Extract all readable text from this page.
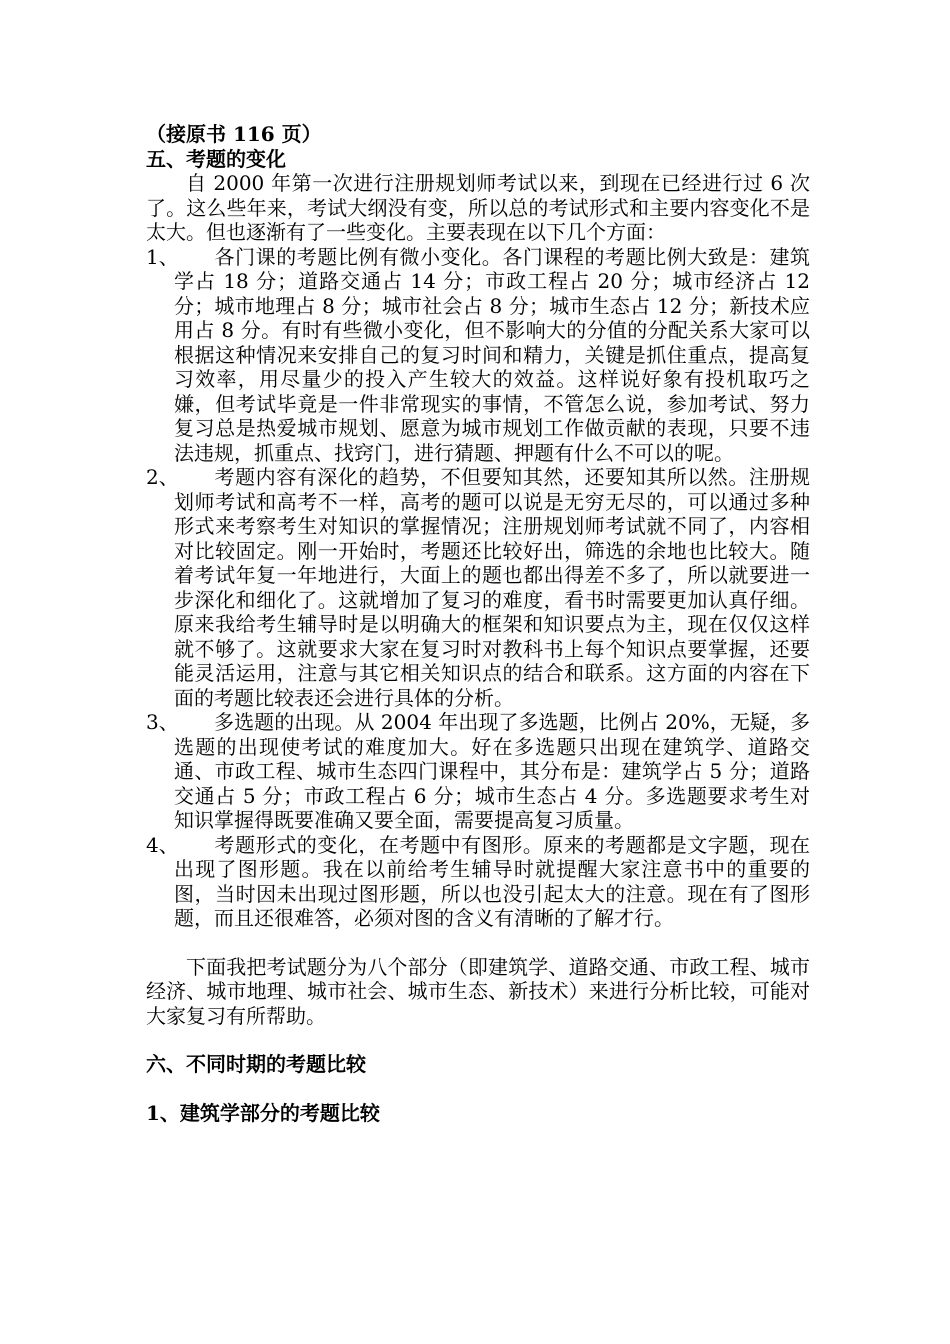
（接原书 116 页）
五、考题的变化
自 2000 年第一次进行注册规划师考试以来，到现在已经进行过 6 次了。这么些年来，考试大纲没有变，所以总的考试形式和主要内容变化不是太大。但也逐渐有了一些变化。主要表现在以下几个方面：
1、	各门课的考题比例有微小变化。各门课程的考题比例大致是：建筑学占 18 分；道路交通占 14 分；市政工程占 20 分；城市经济占 12 分；城市地理占 8 分；城市社会占 8 分；城市生态占 12 分；新技术应用占 8 分。有时有些微小变化，但不影响大的分值的分配关系大家可以根据这种情况来安排自己的复习时间和精力，关键是抓住重点，提高复习效率，用尽量少的投入产生较大的效益。这样说好象有投机取巧之嫌，但考试毕竟是一件非常现实的事情，不管怎么说，参加考试、努力复习总是热爱城市规划、愿意为城市规划工作做贡献的表现，只要不违法违规，抓重点、找窍门，进行猜题、押题有什么不可以的呢。
2、	考题内容有深化的趋势，不但要知其然，还要知其所以然。注册规划师考试和高考不一样，高考的题可以说是无穷无尽的，可以通过多种形式来考察考生对知识的掌握情况；注册规划师考试就不同了，内容相对比较固定。刚一开始时，考题还比较好出，筛选的余地也比较大。随着考试年复一年地进行，大面上的题也都出得差不多了，所以就要进一步深化和细化了。这就增加了复习的难度，看书时需要更加认真仔细。原来我给考生辅导时是以明确大的框架和知识要点为主，现在仅仅这样就不够了。这就要求大家在复习时对教科书上每个知识点要掌握，还要能灵活运用，注意与其它相关知识点的结合和联系。这方面的内容在下面的考题比较表还会进行具体的分析。
3、	多选题的出现。从 2004 年出现了多选题，比例占 20%，无疑，多选题的出现使考试的难度加大。好在多选题只出现在建筑学、道路交通、市政工程、城市生态四门课程中，其分布是：建筑学占 5 分；道路交通占 5 分；市政工程占 6 分；城市生态占 4 分。多选题要求考生对知识掌握得既要准确又要全面，需要提高复习质量。
4、	考题形式的变化，在考题中有图形。原来的考题都是文字题，现在出现了图形题。我在以前给考生辅导时就提醒大家注意书中的重要的图，当时因未出现过图形题，所以也没引起太大的注意。现在有了图形题，而且还很难答，必须对图的含义有清晰的了解才行。
下面我把考试题分为八个部分（即建筑学、道路交通、市政工程、城市经济、城市地理、城市社会、城市生态、新技术）来进行分析比较，可能对大家复习有所帮助。
六、不同时期的考题比较
1、建筑学部分的考题比较
